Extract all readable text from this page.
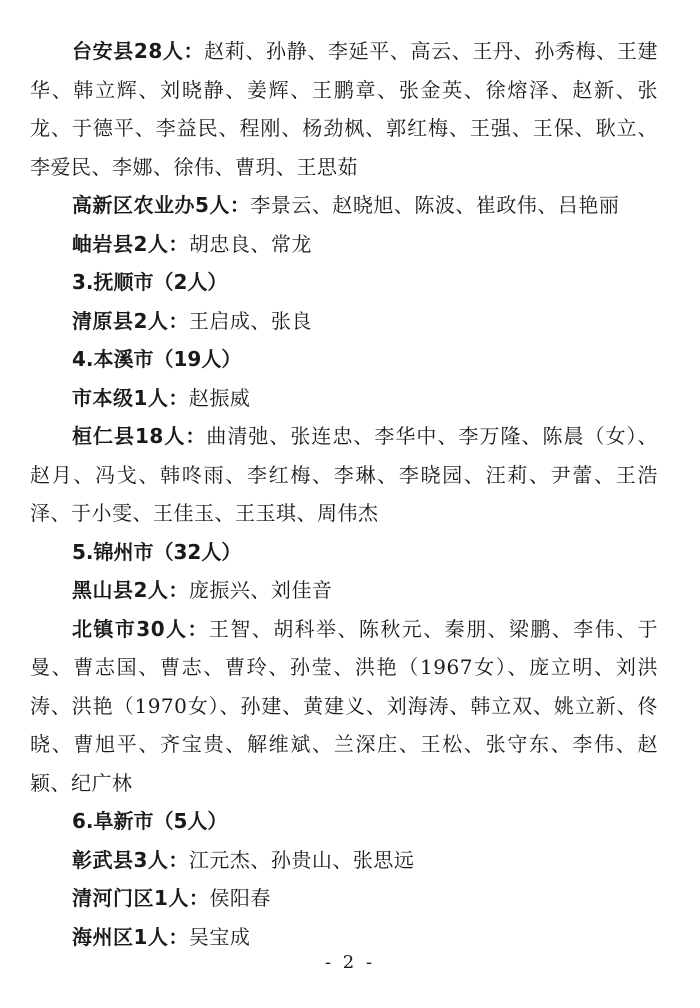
台安县28人：赵莉、孙静、李延平、高云、王丹、孙秀梅、王建华、韩立辉、刘晓静、姜辉、王鹏章、张金英、徐熔泽、赵新、张龙、于德平、李益民、程刚、杨劲枫、郭红梅、王强、王保、耿立、李爱民、李娜、徐伟、曹玥、王思茹

高新区农业办5人：李景云、赵晓旭、陈波、崔政伟、吕艳丽

岫岩县2人：胡忠良、常龙

3.抚顺市（2人）

清原县2人：王启成、张良

4.本溪市（19人）

市本级1人：赵振威

桓仁县18人：曲清弛、张连忠、李华中、李万隆、陈晨（女）、赵月、冯戈、韩咚雨、李红梅、李琳、李晓园、汪莉、尹蕾、王浩泽、于小雯、王佳玉、王玉琪、周伟杰

5.锦州市（32人）

黑山县2人：庞振兴、刘佳音

北镇市30人：王智、胡科举、陈秋元、秦朋、梁鹏、李伟、于曼、曹志国、曹志、曹玲、孙莹、洪艳（1967女）、庞立明、刘洪涛、洪艳（1970女）、孙建、黄建义、刘海涛、韩立双、姚立新、佟晓、曹旭平、齐宝贵、解维斌、兰深庄、王松、张守东、李伟、赵颖、纪广林

6.阜新市（5人）

彰武县3人：江元杰、孙贵山、张思远

清河门区1人：侯阳春

海州区1人：吴宝成

- 2 -
